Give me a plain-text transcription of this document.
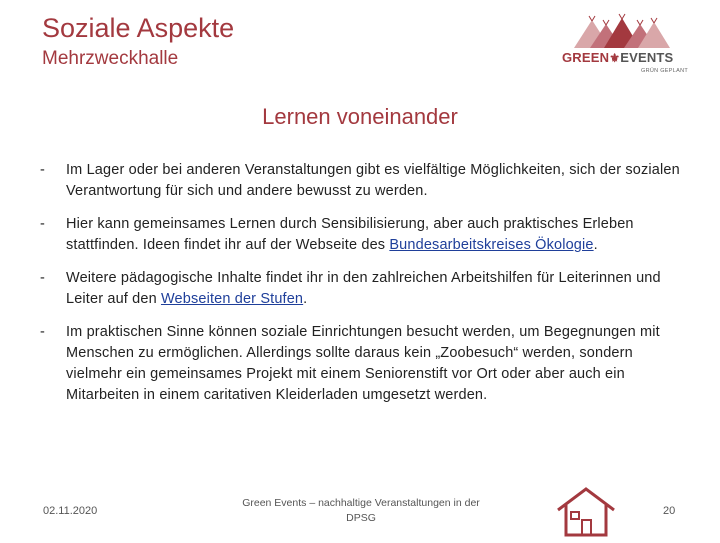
Soziale Aspekte
Mehrzweckhalle	GREEN⚜EVENTS
GRÜN GEPLANT
Lernen voneinander
- Im Lager oder bei anderen Veranstaltungen gibt es vielfältige Möglichkeiten, sich der sozialen Verantwortung für sich und andere bewusst zu werden.
- Hier kann gemeinsames Lernen durch Sensibilisierung, aber auch praktisches Erleben stattfinden. Ideen findet ihr auf der Webseite des Bundesarbeitskreises Ökologie.
- Weitere pädagogische Inhalte findet ihr in den zahlreichen Arbeitshilfen für Leiterinnen und Leiter auf den Webseiten der Stufen.
- Im praktischen Sinne können soziale Einrichtungen besucht werden, um Begegnungen mit Menschen zu ermöglichen. Allerdings sollte daraus kein „Zoobesuch“ werden, sondern vielmehr ein gemeinsames Projekt mit einem Seniorenstift vor Ort oder aber auch ein Mitarbeiten in einem caritativen Kleiderladen umgesetzt werden.
02.11.2020
Green Events – nachhaltige Veranstaltungen in der DPSG
20
